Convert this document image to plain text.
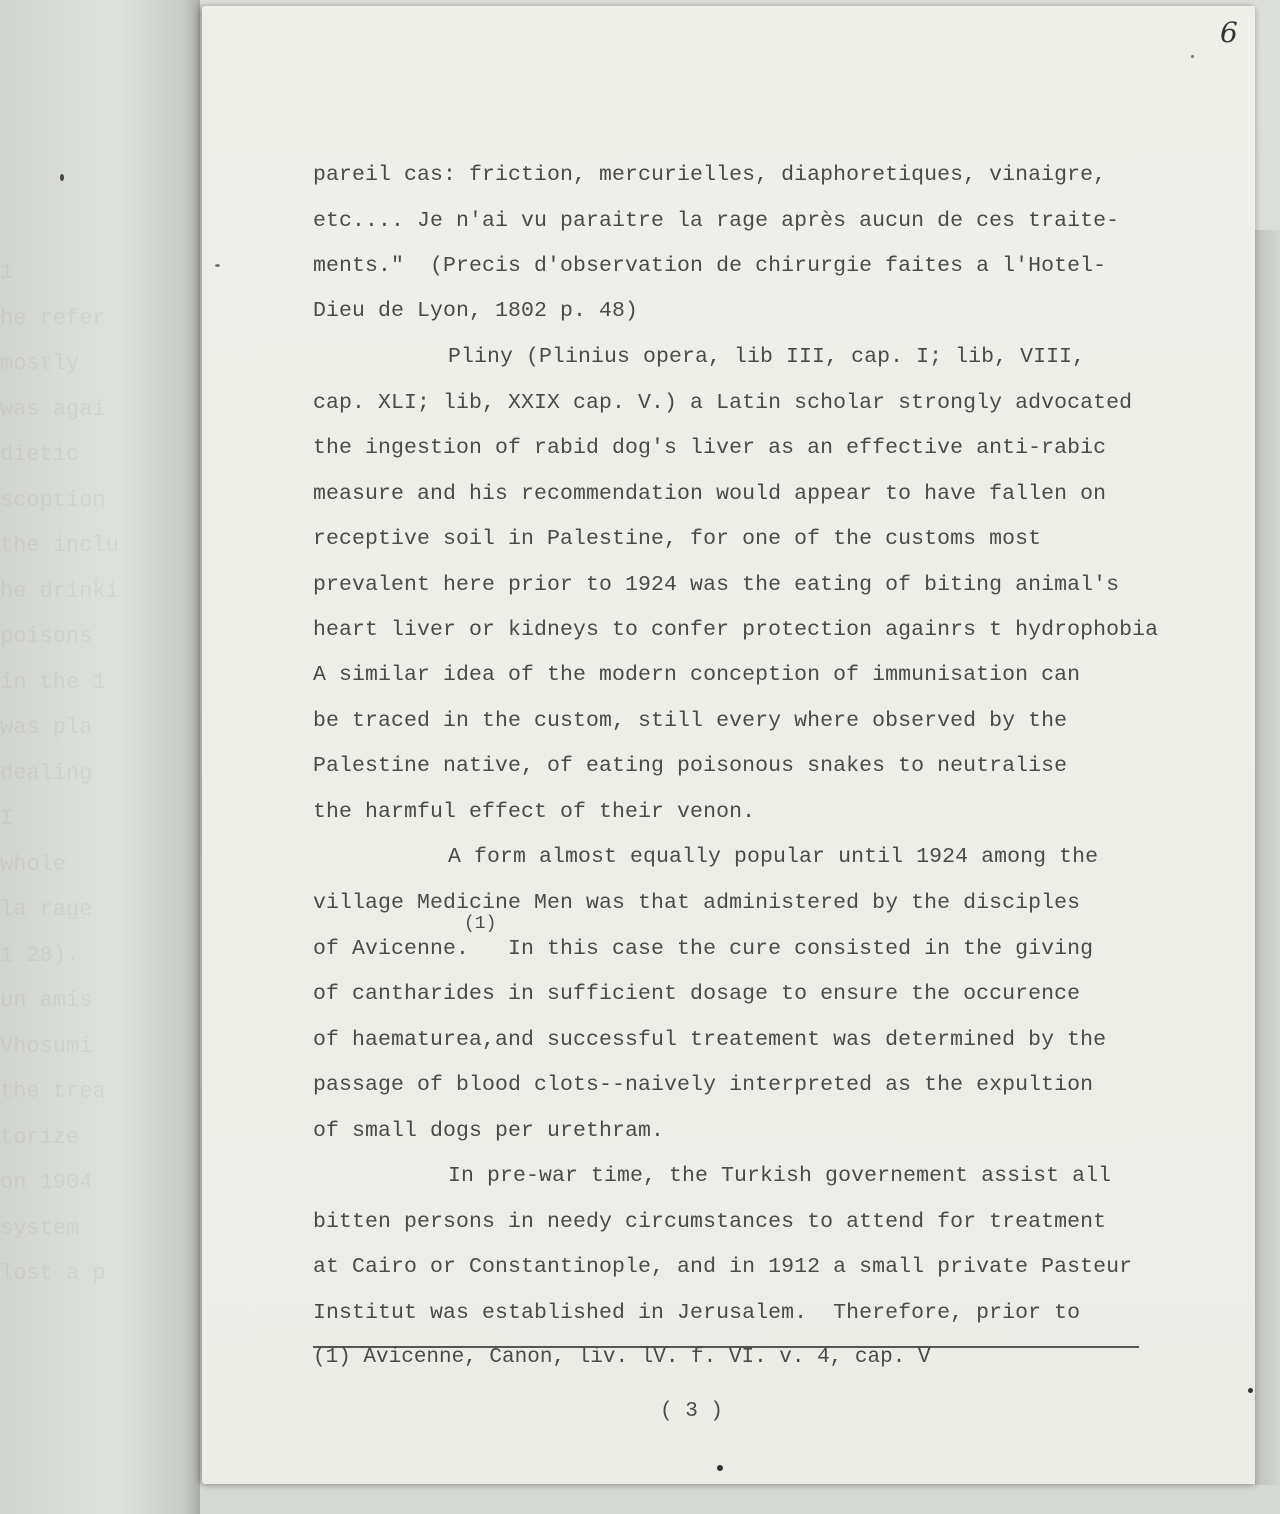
1
he refer
mostly
was agai
dietic
scoption
the inclu
he drinki
poisons
in the 1
was pla
dealing
I
whole
la rage
1 28).
un amis
Vhosumi
the trea
torize
on 1904
system
lost a p
6
pareil cas: friction, mercurielles, diaphoretiques, vinaigre,
etc.... Je n'ai vu paraitre la rage après aucun de ces traite-
ments."  (Precis d'observation de chirurgie faites a l'Hotel-
Dieu de Lyon, 1802 p. 48)
Pliny (Plinius opera, lib III, cap. I; lib, VIII,
cap. XLI; lib, XXIX cap. V.) a Latin scholar strongly advocated
the ingestion of rabid dog's liver as an effective anti-rabic
measure and his recommendation would appear to have fallen on
receptive soil in Palestine, for one of the customs most
prevalent here prior to 1924 was the eating of biting animal's
heart liver or kidneys to confer protection againrs t hydrophobia
A similar idea of the modern conception of immunisation can
be traced in the custom, still every where observed by the
Palestine native, of eating poisonous snakes to neutralise
the harmful effect of their venon.
A form almost equally popular until 1924 among the
village Medicine Men was that administered by the disciples
of Avicenne.   In this case the cure consisted in the giving
of cantharides in sufficient dosage to ensure the occurence
of haematurea,and successful treatement was determined by the
passage of blood clots--naively interpreted as the expultion
of small dogs per urethram.
In pre-war time, the Turkish governement assist all
bitten persons in needy circumstances to attend for treatment
at Cairo or Constantinople, and in 1912 a small private Pasteur
Institut was established in Jerusalem.  Therefore, prior to
(1)
(1) Avicenne, Canon, liv. lV. f. VI. v. 4, cap. V
( 3 )
